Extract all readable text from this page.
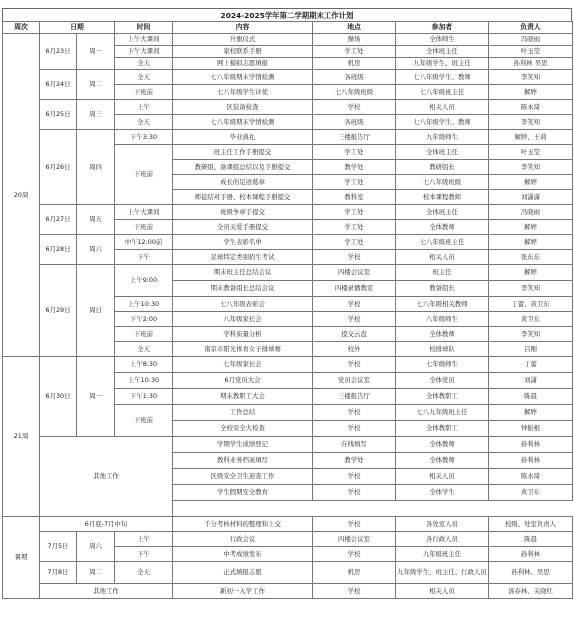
2024-2025学年第二学期期末工作计划
周次	日期		时间	内容	地点	参加者	负责人
20周	6月23日	周一	上午大课间	升旗仪式	操场	全体师生	冯晓雨
			下午大课间	家校联系手册	学工处	全体班主任	叶玉莹
			全天	网上模拟志愿填报	机房	九年级学生、班主任	孙利林 吴思
	6月24日	周二	全天	七八年级期末学情检测	各班级	七八年级学生、教师	李笑知
			下班前	七八年级学生评优	七八年级班级	七八年级班主任	解婷
	6月25日	周三	上午	区装备检查	学校	相关人员	陈永琦
			全天	七八年级期末学情检测	各班级	七八年级学生、教师	李笑知
	6月26日	周四	下午3:30	毕业典礼	三楼报告厅	九年级师生	解婷、王莉
			下班前	班主任工作手册提交	学工处	全体班主任	叶玉莹
				教研组、备课组总结以及手册提交	教学处	教研组长	李笑知
				成长的足迹葛章	学工处	七八年级班级	解婷
				师徒结对手册、校本课程手册提交	教科室	校本课程教师	刘潇潇
	6月27日	周五	上午大课间	班级争章手提交	学工处	全体班主任	冯晓雨
			下班前	全员关爱手册提交	学工处	全体教师	解婷
	6月28日	周六	中午12:00前	学生表彰名单	学工处	七八年级班主任	解婷
			下午	足球特定类别招生考试	学校	相关人员	张东东
	6月29日	周日	上午9:00	期末班主任总结会议	四楼会议室	班主任	解婷
				期末教备组长总结会议	四楼录播教室	教备组长	李笑知
			上午10:30	七八年级表彰会	学校	七八年级相关教师	丁蕾、黄卫东
			下午2:00	八年级家长会	学校	八年级师生	黄卫东
			下班前	学科质量分析	提交云盘	全体教师	李笑知
			全天	南京市阳光体育女子排球赛	校外	校排球队	吕刚
21周	6月30日	周一	上午8:30	七年级家长会	学校	七年级师生	丁蕾
			上午10:30	6月党员大会	党员会议室	全体党员	刘潇
			下午1:30	期末教职工大会	三楼报告厅	全体教职工	陈晨
			下班前	工作总结	学校	七八九年级班主任	解婷
				全校安全大检查	学校	全体教职工	钟振根
	其他工作			学期学生成绩登记	在线填写	全体教师	孙利林
				教科业务档案填写	教学处	全体教师	孙利林
				区级安全卫生迎查工作	学校	相关人员	陈永琦
				学生假期安全教育	学校	全体学生	黄卫东

暑期	6月底-7月中旬			千分考核材料的整理和上交	学校	各处室人员	校级、处室负责人
	7月5日	周六	上午	行政会议	四楼会议室	各行政人员	陈晨
			下午	中考成绩发布	学校	九年级班主任	孙利林
	7月8日	周二	全天	正式填报志愿	机房	九年级学生、班主任、行政人员	孙利林、吴思
	其他工作			新初一入学工作	学校	相关人员	汤春林、关晓红
